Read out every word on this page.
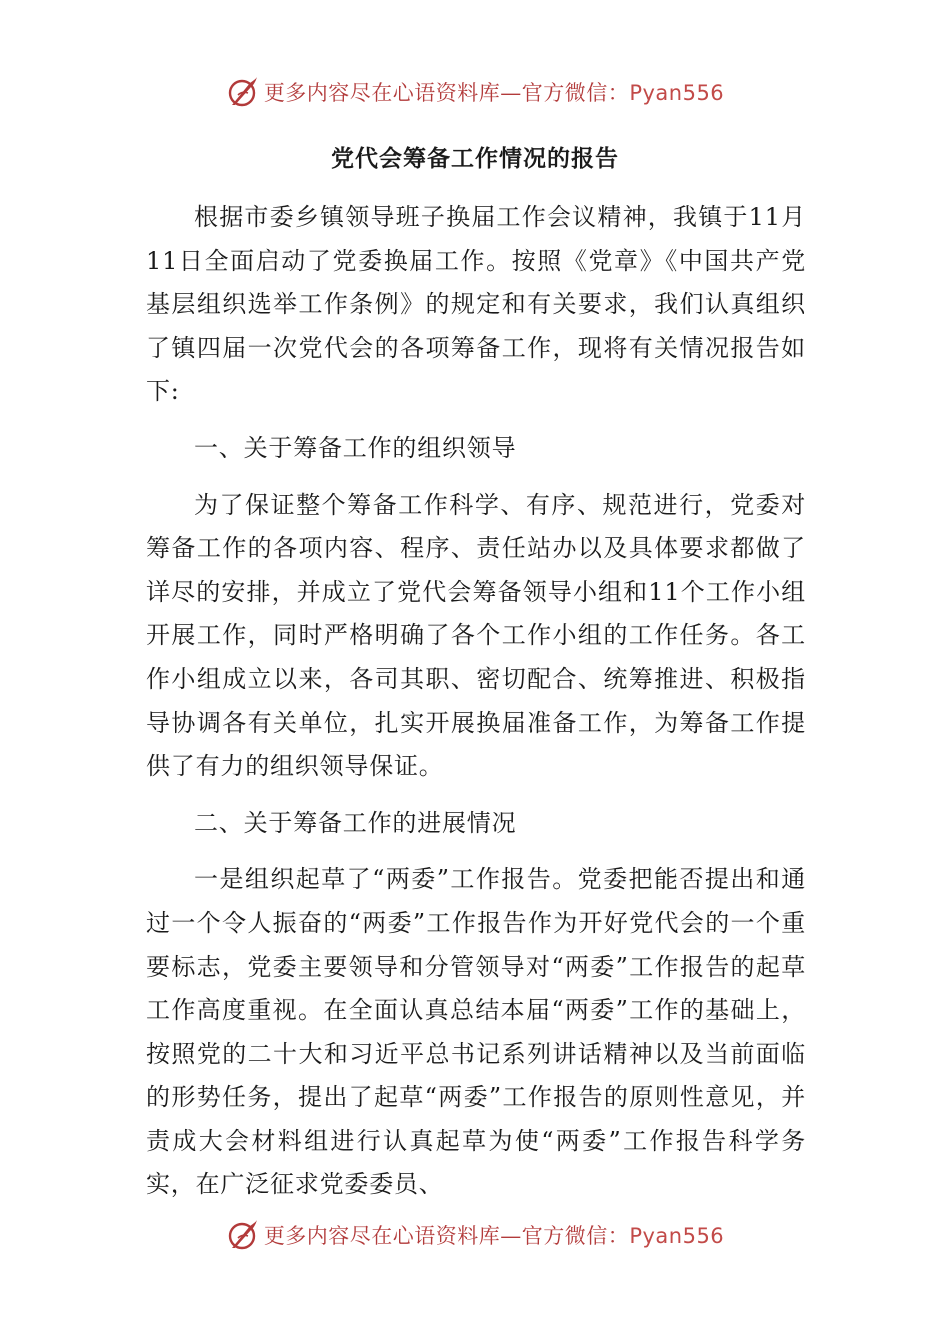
更多内容尽在心语资料库—官方微信：Pyan556
党代会筹备工作情况的报告

根据市委乡镇领导班子换届工作会议精神，我镇于11月11日全面启动了党委换届工作。按照《党章》《中国共产党基层组织选举工作条例》的规定和有关要求，我们认真组织了镇四届一次党代会的各项筹备工作，现将有关情况报告如下:

一、关于筹备工作的组织领导

为了保证整个筹备工作科学、有序、规范进行，党委对筹备工作的各项内容、程序、责任站办以及具体要求都做了详尽的安排，并成立了党代会筹备领导小组和11个工作小组开展工作，同时严格明确了各个工作小组的工作任务。各工作小组成立以来，各司其职、密切配合、统筹推进、积极指导协调各有关单位，扎实开展换届准备工作，为筹备工作提供了有力的组织领导保证。

二、关于筹备工作的进展情况

一是组织起草了“两委”工作报告。党委把能否提出和通过一个令人振奋的“两委”工作报告作为开好党代会的一个重要标志，党委主要领导和分管领导对“两委”工作报告的起草工作高度重视。在全面认真总结本届“两委”工作的基础上，按照党的二十大和习近平总书记系列讲话精神以及当前面临的形势任务，提出了起草“两委”工作报告的原则性意见，并责成大会材料组进行认真起草为使“两委”工作报告科学务实，在广泛征求党委委员、

更多内容尽在心语资料库—官方微信：Pyan556
